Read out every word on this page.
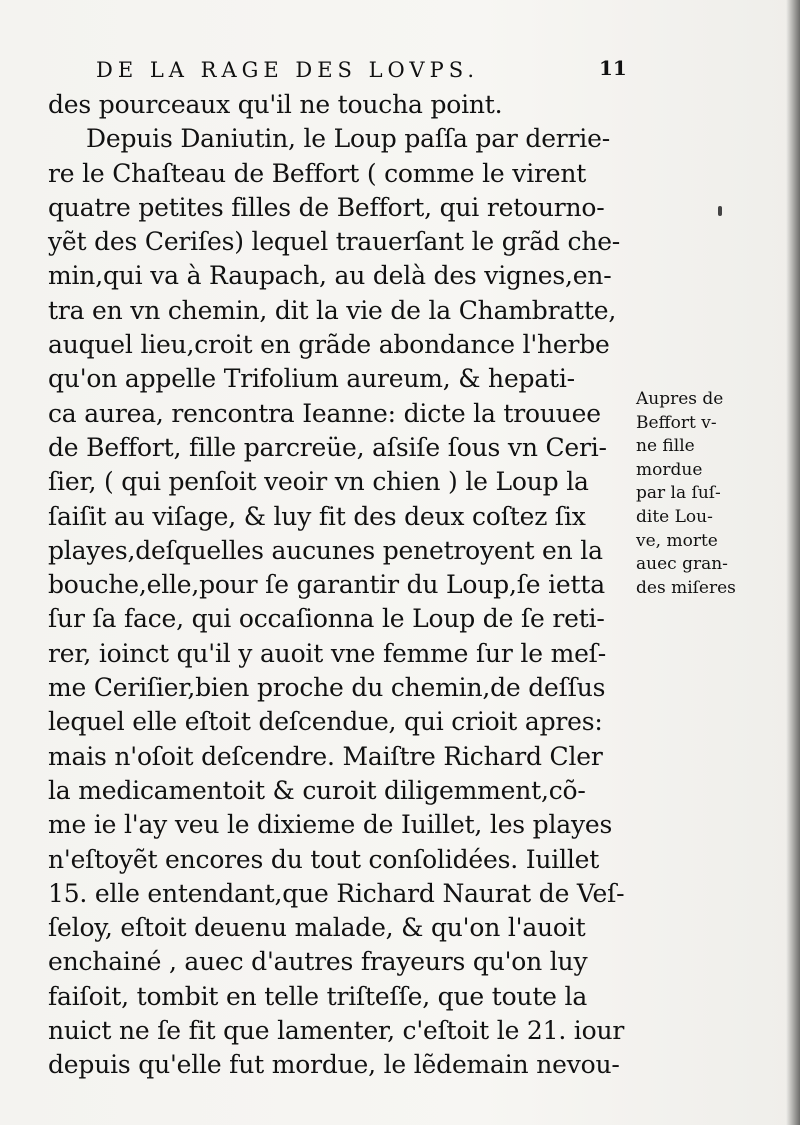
DE LA RAGE DES LOVPS.	11
des pourceaux qu'il ne toucha point.
Depuis Daniutin, le Loup paſſa par derrie-
re le Chaſteau de Beffort ( comme le virent
quatre petites filles de Beffort, qui retourno-
yẽt des Ceriſes) lequel trauerſant le grãd che-
min,qui va à Raupach, au delà des vignes,en-
tra en vn chemin, dit la vie de la Chambratte,
auquel lieu,croit en grãde abondance l'herbe
qu'on appelle Trifolium aureum, & hepati-
ca aurea, rencontra Ieanne: dicte la trouuee
de Beffort, fille parcreüe, aſsiſe ſous vn Ceri-
ſier, ( qui penſoit veoir vn chien ) le Loup la
ſaiſit au viſage, & luy fit des deux coſtez ſix
playes,deſquelles aucunes penetroyent en la
bouche,elle,pour ſe garantir du Loup,ſe ietta
ſur ſa face, qui occaſionna le Loup de ſe reti-
rer, ioinct qu'il y auoit vne femme ſur le meſ-
me Ceriſier,bien proche du chemin,de deſſus
lequel elle eſtoit deſcendue, qui crioit apres:
mais n'oſoit deſcendre. Maiſtre Richard Cler
la medicamentoit & curoit diligemment,cõ-
me ie l'ay veu le dixieme de Iuillet, les playes
n'eſtoyẽt encores du tout conſolidées. Iuillet
15. elle entendant,que Richard Naurat de Veſ-
ſeloy, eſtoit deuenu malade, & qu'on l'auoit
enchainé , auec d'autres frayeurs qu'on luy
faiſoit, tombit en telle triſteſſe, que toute la
nuict ne ſe fit que lamenter, c'eſtoit le 21. iour
depuis qu'elle fut mordue, le lẽdemain nevou-
Aupres de
Beffort v-
ne fille
mordue
par la ſuſ-
dite Lou-
ve, morte
auec gran-
des miſeres
